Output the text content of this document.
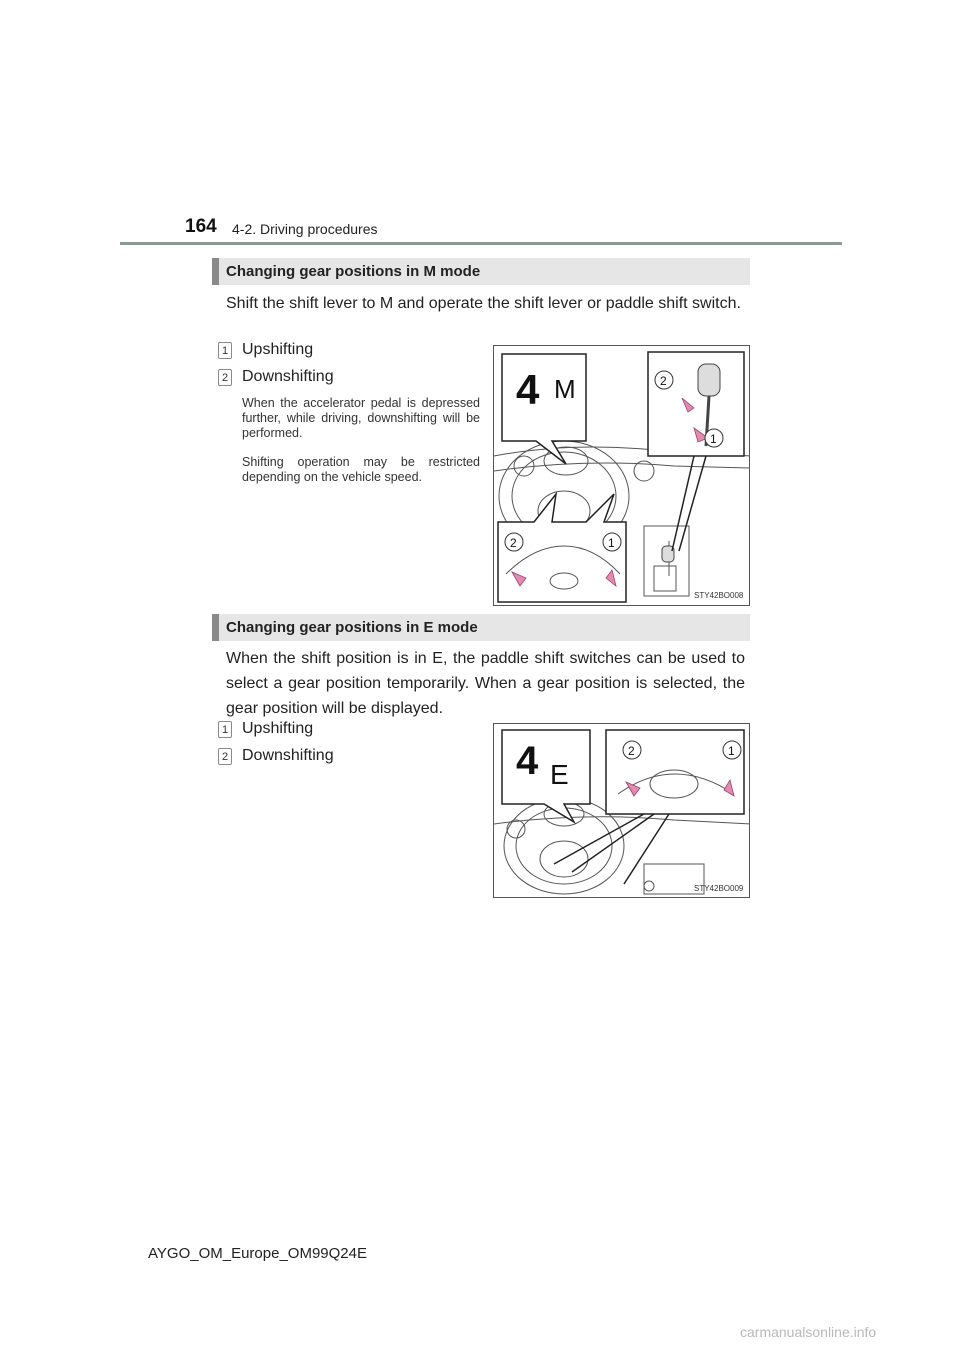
164 4-2. Driving procedures
Changing gear positions in M mode
Shift the shift lever to M and operate the shift lever or paddle shift switch.
1 Upshifting
2 Downshifting
When the accelerator pedal is depressed further, while driving, downshifting will be performed.
Shifting operation may be restricted depending on the vehicle speed.
4 M	2
1
2	1
STY42BO008
Changing gear positions in E mode
When the shift position is in E, the paddle shift switches can be used to select a gear position temporarily. When a gear position is selected, the gear position will be displayed.
1 Upshifting
2 Downshifting	4 E
2	1
STY42BO009
AYGO_OM_Europe_OM99Q24E
carmanualsonline.info
